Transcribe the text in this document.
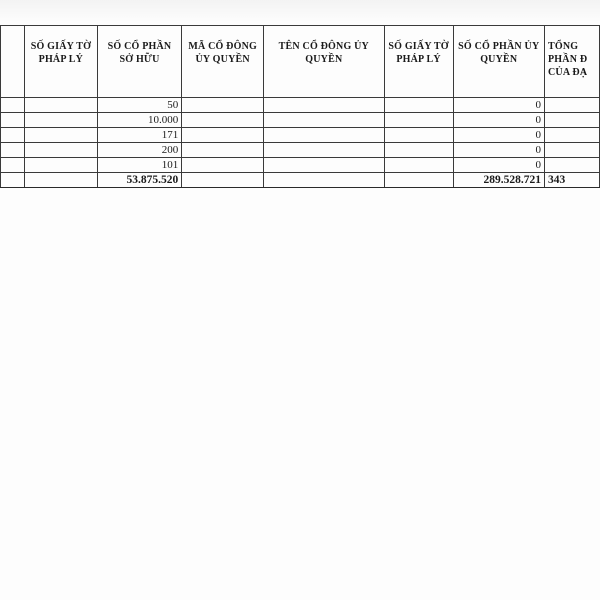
	SỐ GIẤY TỜ PHÁP LÝ	SỐ CỔ PHẦN SỞ HỮU	MÃ CỔ ĐÔNG ỦY QUYỀN	TÊN CỔ ĐÔNG ỦY QUYỀN	SỐ GIẤY TỜ PHÁP LÝ	SỐ CỔ PHẦN ỦY QUYỀN	TỔNG PHẦN Đ CỦA ĐẠ
		50				0	
		10.000				0	
		171				0	
		200				0	
		101				0	
		53.875.520				289.528.721	343
